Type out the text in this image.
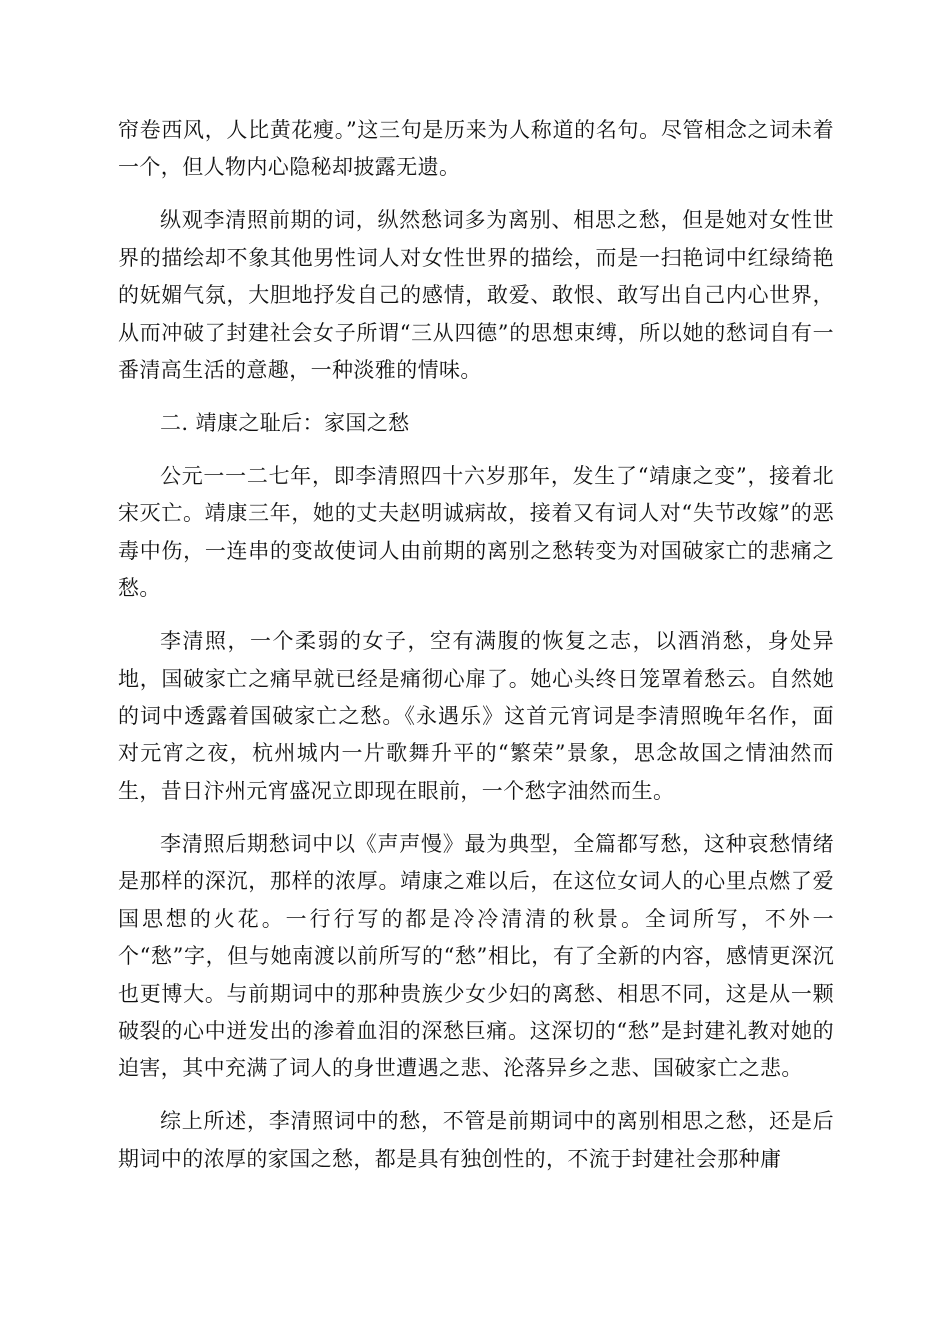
帘卷西风，人比黄花瘦。”这三句是历来为人称道的名句。尽管相念之词未着一个，但人物内心隐秘却披露无遗。

纵观李清照前期的词，纵然愁词多为离别、相思之愁，但是她对女性世界的描绘却不象其他男性词人对女性世界的描绘，而是一扫艳词中红绿绮艳的妩媚气氛，大胆地抒发自己的感情，敢爱、敢恨、敢写出自己内心世界，从而冲破了封建社会女子所谓“三从四德”的思想束缚，所以她的愁词自有一番清高生活的意趣，一种淡雅的情味。

二. 靖康之耻后：家国之愁

公元一一二七年，即李清照四十六岁那年，发生了“靖康之变”，接着北宋灭亡。靖康三年，她的丈夫赵明诚病故，接着又有词人对“失节改嫁”的恶毒中伤，一连串的变故使词人由前期的离别之愁转变为对国破家亡的悲痛之愁。

李清照，一个柔弱的女子，空有满腹的恢复之志，以酒消愁，身处异地，国破家亡之痛早就已经是痛彻心扉了。她心头终日笼罩着愁云。自然她的词中透露着国破家亡之愁。《永遇乐》这首元宵词是李清照晚年名作，面对元宵之夜，杭州城内一片歌舞升平的“繁荣”景象，思念故国之情油然而生，昔日汴州元宵盛况立即现在眼前，一个愁字油然而生。

李清照后期愁词中以《声声慢》最为典型，全篇都写愁，这种哀愁情绪是那样的深沉，那样的浓厚。靖康之难以后，在这位女词人的心里点燃了爱国思想的火花。一行行写的都是冷冷清清的秋景。全词所写，不外一个“愁”字，但与她南渡以前所写的“愁”相比，有了全新的内容，感情更深沉也更博大。与前期词中的那种贵族少女少妇的离愁、相思不同，这是从一颗破裂的心中迸发出的渗着血泪的深愁巨痛。这深切的“愁”是封建礼教对她的迫害，其中充满了词人的身世遭遇之悲、沦落异乡之悲、国破家亡之悲。

综上所述，李清照词中的愁，不管是前期词中的离别相思之愁，还是后期词中的浓厚的家国之愁，都是具有独创性的，不流于封建社会那种庸
